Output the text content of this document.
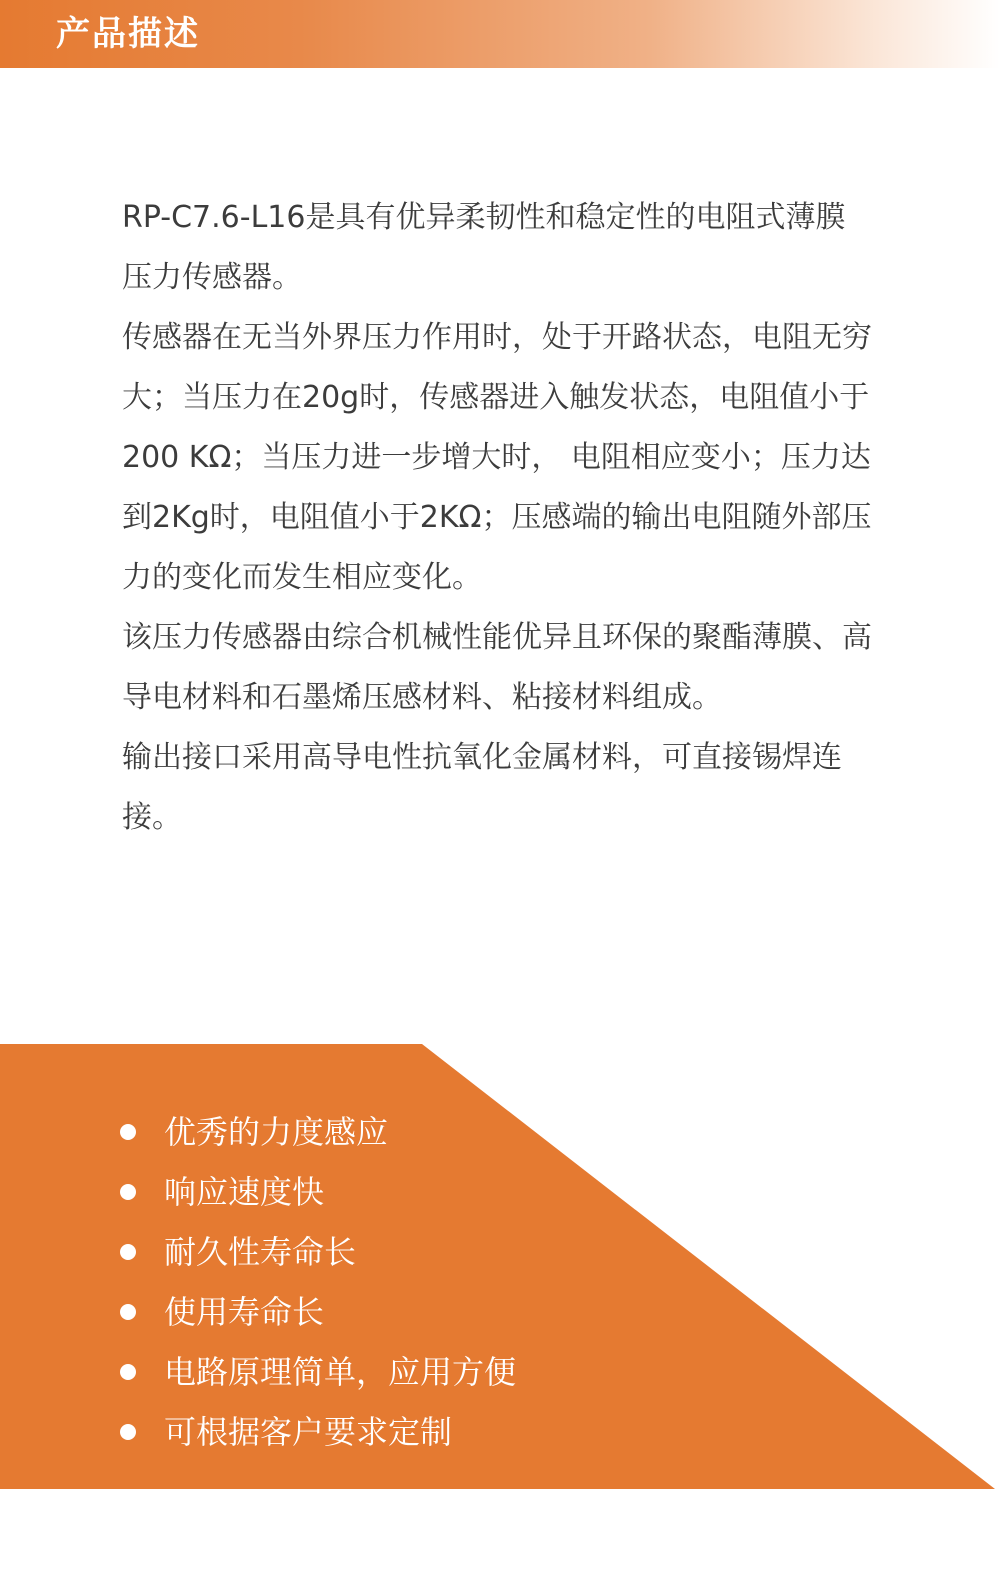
产品描述

RP-C7.6-L16是具有优异柔韧性和稳定性的电阻式薄膜压力传感器。

传感器在无当外界压力作用时，处于开路状态，电阻无穷大；当压力在20g时，传感器进入触发状态，电阻值小于200 KΩ；当压力进一步增大时， 电阻相应变小；压力达到2Kg时，电阻值小于2KΩ；压感端的输出电阻随外部压力的变化而发生相应变化。

该压力传感器由综合机械性能优异且环保的聚酯薄膜、高导电材料和石墨烯压感材料、粘接材料组成。

输出接口采用高导电性抗氧化金属材料，可直接锡焊连接。

优秀的力度感应
响应速度快
耐久性寿命长
使用寿命长
电路原理简单，应用方便
可根据客户要求定制
